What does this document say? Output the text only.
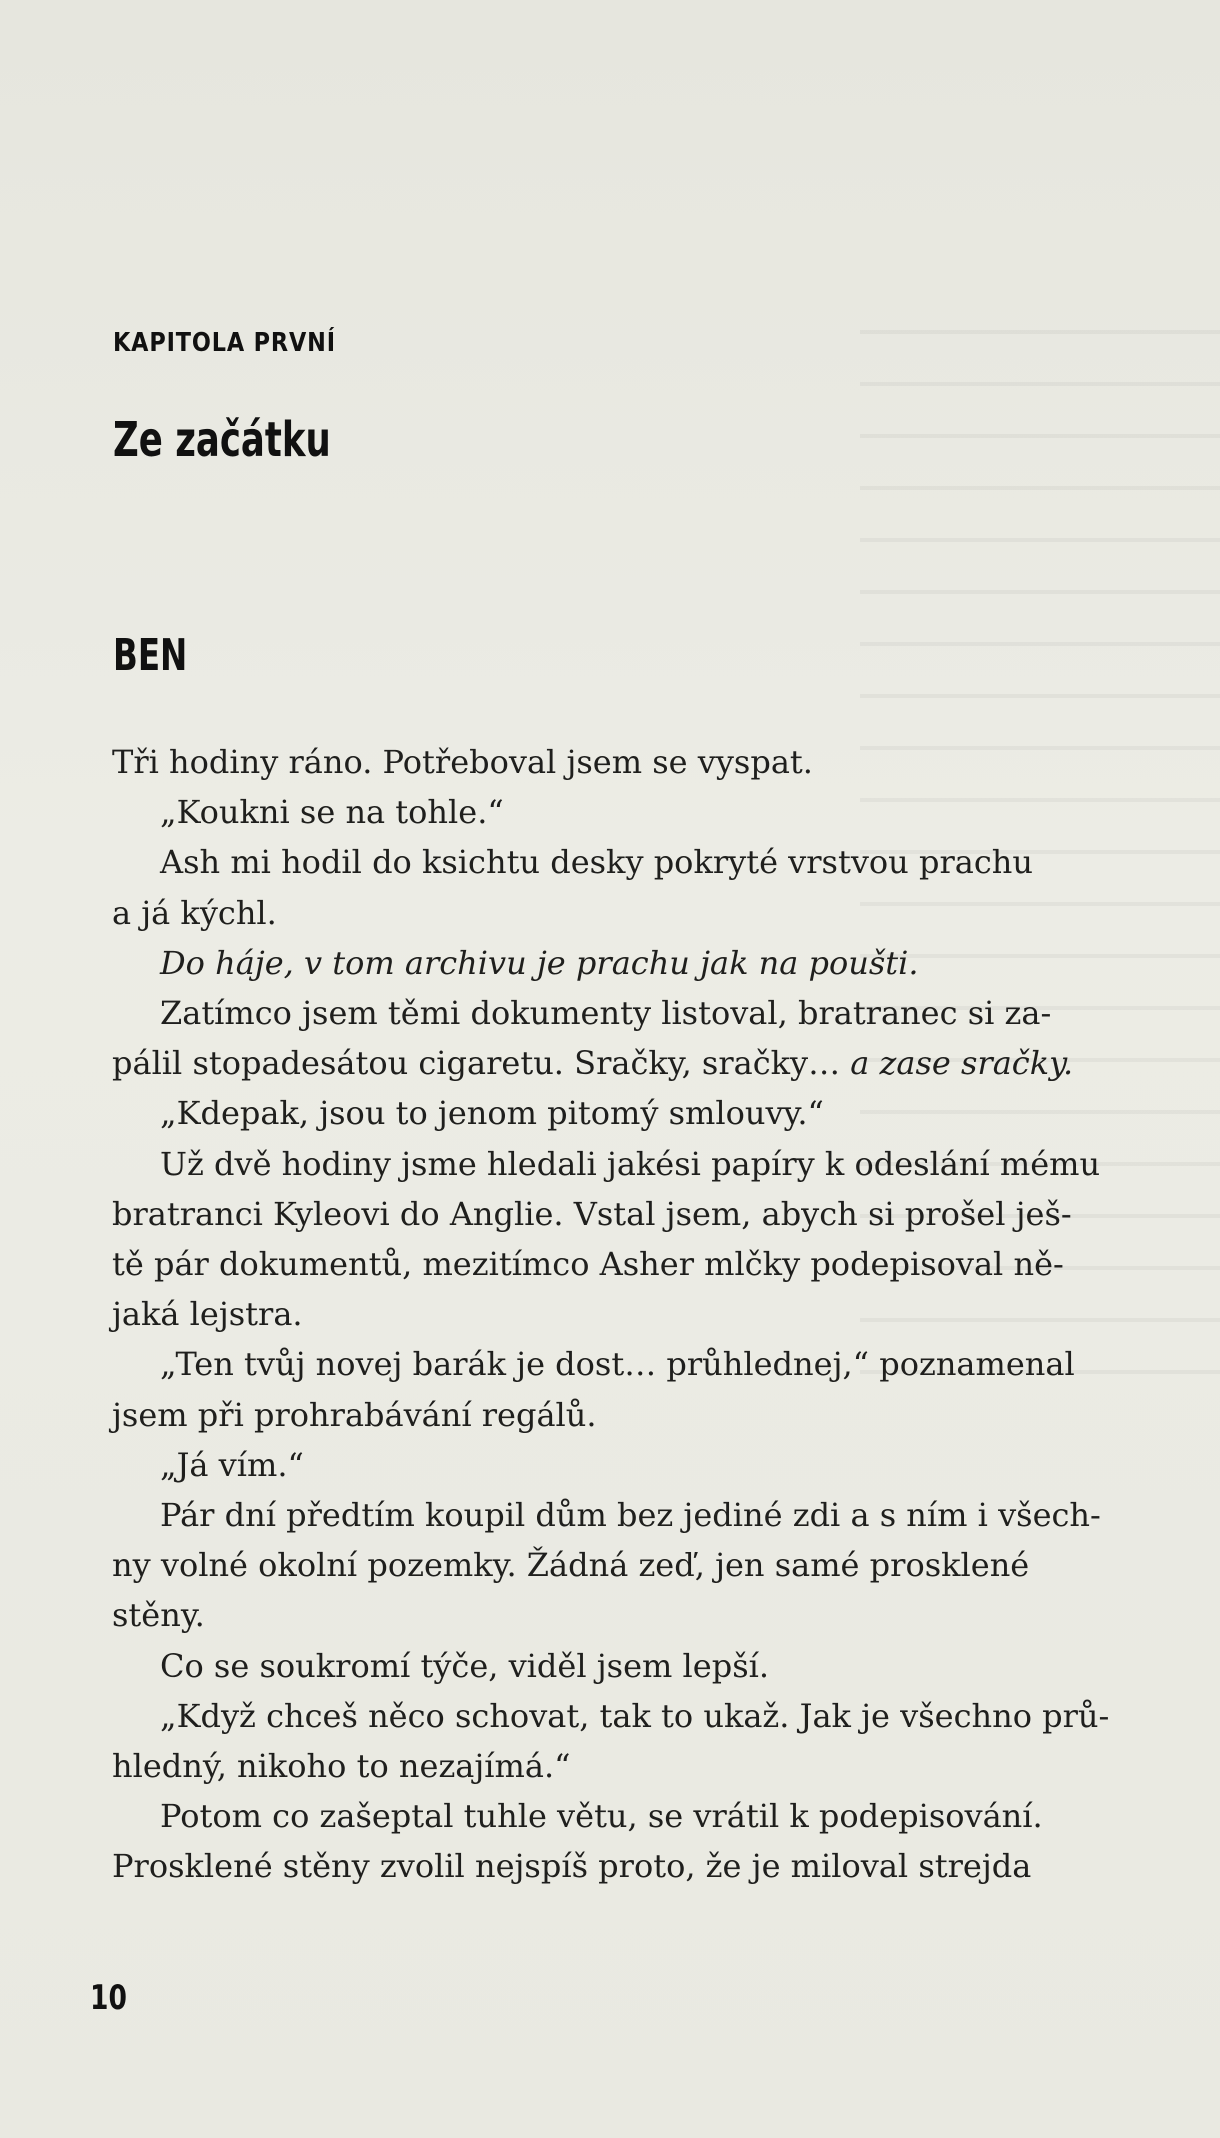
KAPITOLA PRVNÍ
Ze začátku
BEN
Tři hodiny ráno. Potřeboval jsem se vyspat.
„Koukni se na tohle.“
Ash mi hodil do ksichtu desky pokryté vrstvou prachu
a já kýchl.
Do háje, v tom archivu je prachu jak na poušti.
Zatímco jsem těmi dokumenty listoval, bratranec si za-
pálil stopadesátou cigaretu. Sračky, sračky… a zase sračky.
„Kdepak, jsou to jenom pitomý smlouvy.“
Už dvě hodiny jsme hledali jakési papíry k odeslání mému
bratranci Kyleovi do Anglie. Vstal jsem, abych si prošel ješ-
tě pár dokumentů, mezitímco Asher mlčky podepisoval ně-
jaká lejstra.
„Ten tvůj novej barák je dost… průhlednej,“ poznamenal
jsem při prohrabávání regálů.
„Já vím.“
Pár dní předtím koupil dům bez jediné zdi a s ním i všech-
ny volné okolní pozemky. Žádná zeď, jen samé prosklené
stěny.
Co se soukromí týče, viděl jsem lepší.
„Když chceš něco schovat, tak to ukaž. Jak je všechno prů-
hledný, nikoho to nezajímá.“
Potom co zašeptal tuhle větu, se vrátil k podepisování.
Prosklené stěny zvolil nejspíš proto, že je miloval strejda
10
